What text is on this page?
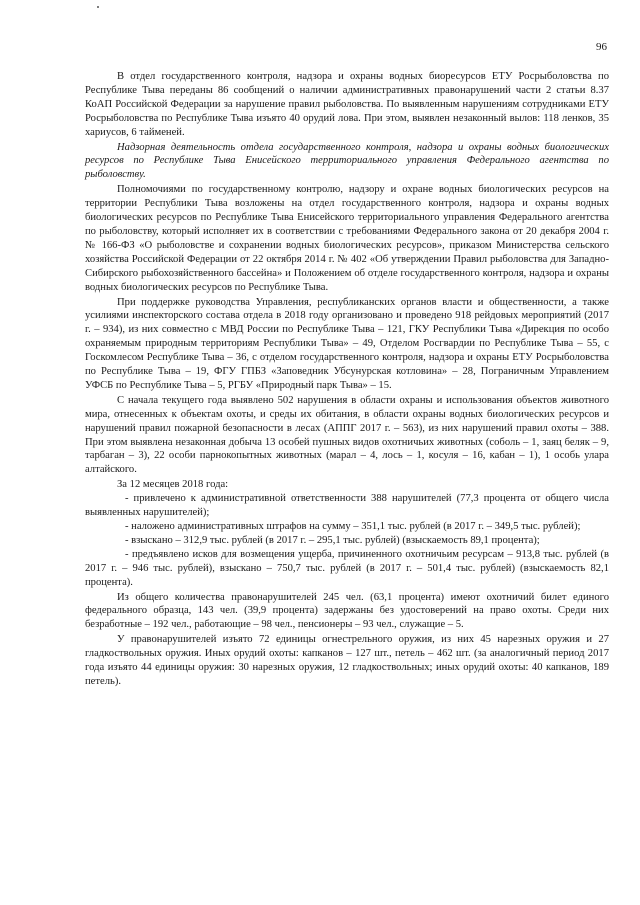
96

В отдел государственного контроля, надзора и охраны водных биоресурсов ЕТУ Росрыболовства по Республике Тыва переданы 86 сообщений о наличии административных правонарушений части 2 статьи 8.37 КоАП Российской Федерации за нарушение правил рыболовства. По выявленным нарушениям сотрудниками ЕТУ Росрыболовства по Республике Тыва изъято 40 орудий лова. При этом, выявлен незаконный вылов: 118 ленков, 35 хариусов, 6 тайменей.

Надзорная деятельность отдела государственного контроля, надзора и охраны водных биологических ресурсов по Республике Тыва Енисейского территориального управления Федерального агентства по рыболовству.

Полномочиями по государственному контролю, надзору и охране водных биологических ресурсов на территории Республики Тыва возложены на отдел государственного контроля, надзора и охраны водных биологических ресурсов по Республике Тыва Енисейского территориального управления Федерального агентства по рыболовству, который исполняет их в соответствии с требованиями Федерального закона от 20 декабря 2004 г. № 166-ФЗ «О рыболовстве и сохранении водных биологических ресурсов», приказом Министерства сельского хозяйства Российской Федерации от 22 октября 2014 г. № 402 «Об утверждении Правил рыболовства для Западно-Сибирского рыбохозяйственного бассейна» и Положением об отделе государственного контроля, надзора и охраны водных биологических ресурсов по Республике Тыва.

При поддержке руководства Управления, республиканских органов власти и общественности, а также усилиями инспекторского состава отдела в 2018 году организовано и проведено 918 рейдовых мероприятий (2017 г. – 934), из них совместно с МВД России по Республике Тыва – 121, ГКУ Республики Тыва «Дирекция по особо охраняемым природным территориям Республики Тыва» – 49, Отделом Росгвардии по Республике Тыва – 55, с Госкомлесом Республике Тыва – 36, с отделом государственного контроля, надзора и охраны ЕТУ Росрыболовства по Республике Тыва – 19, ФГУ ГПБЗ «Заповедник Убсунурская котловина» – 28, Пограничным Управлением УФСБ по Республике Тыва – 5, РГБУ «Природный парк Тыва» – 15.

С начала текущего года выявлено 502 нарушения в области охраны и использования объектов животного мира, отнесенных к объектам охоты, и среды их обитания, в области охраны водных биологических ресурсов и нарушений правил пожарной безопасности в лесах (АППГ 2017 г. – 563), из них нарушений правил охоты – 388. При этом выявлена незаконная добыча 13 особей пушных видов охотничьих животных (соболь – 1, заяц беляк – 9, тарбаган – 3), 22 особи парнокопытных животных (марал – 4, лось – 1, косуля – 16, кабан – 1), 1 особь улара алтайского.

За 12 месяцев 2018 года:

- привлечено к административной ответственности 388 нарушителей (77,3 процента от общего числа выявленных нарушителей);

- наложено административных штрафов на сумму – 351,1 тыс. рублей (в 2017 г. – 349,5 тыс. рублей);

- взыскано – 312,9 тыс. рублей (в 2017 г. – 295,1 тыс. рублей) (взыскаемость 89,1 процента);

- предъявлено исков для возмещения ущерба, причиненного охотничьим ресурсам – 913,8 тыс. рублей (в 2017 г. – 946 тыс. рублей), взыскано – 750,7 тыс. рублей (в 2017 г. – 501,4 тыс. рублей) (взыскаемость 82,1 процента).

Из общего количества правонарушителей 245 чел. (63,1 процента) имеют охотничий билет единого федерального образца, 143 чел. (39,9 процента) задержаны без удостоверений на право охоты. Среди них безработные – 192 чел., работающие – 98 чел., пенсионеры – 93 чел., служащие – 5.

У правонарушителей изъято 72 единицы огнестрельного оружия, из них 45 нарезных оружия и 27 гладкоствольных оружия. Иных орудий охоты: капканов – 127 шт., петель – 462 шт. (за аналогичный период 2017 года изъято 44 единицы оружия: 30 нарезных оружия, 12 гладкоствольных; иных орудий охоты: 40 капканов, 189 петель).
